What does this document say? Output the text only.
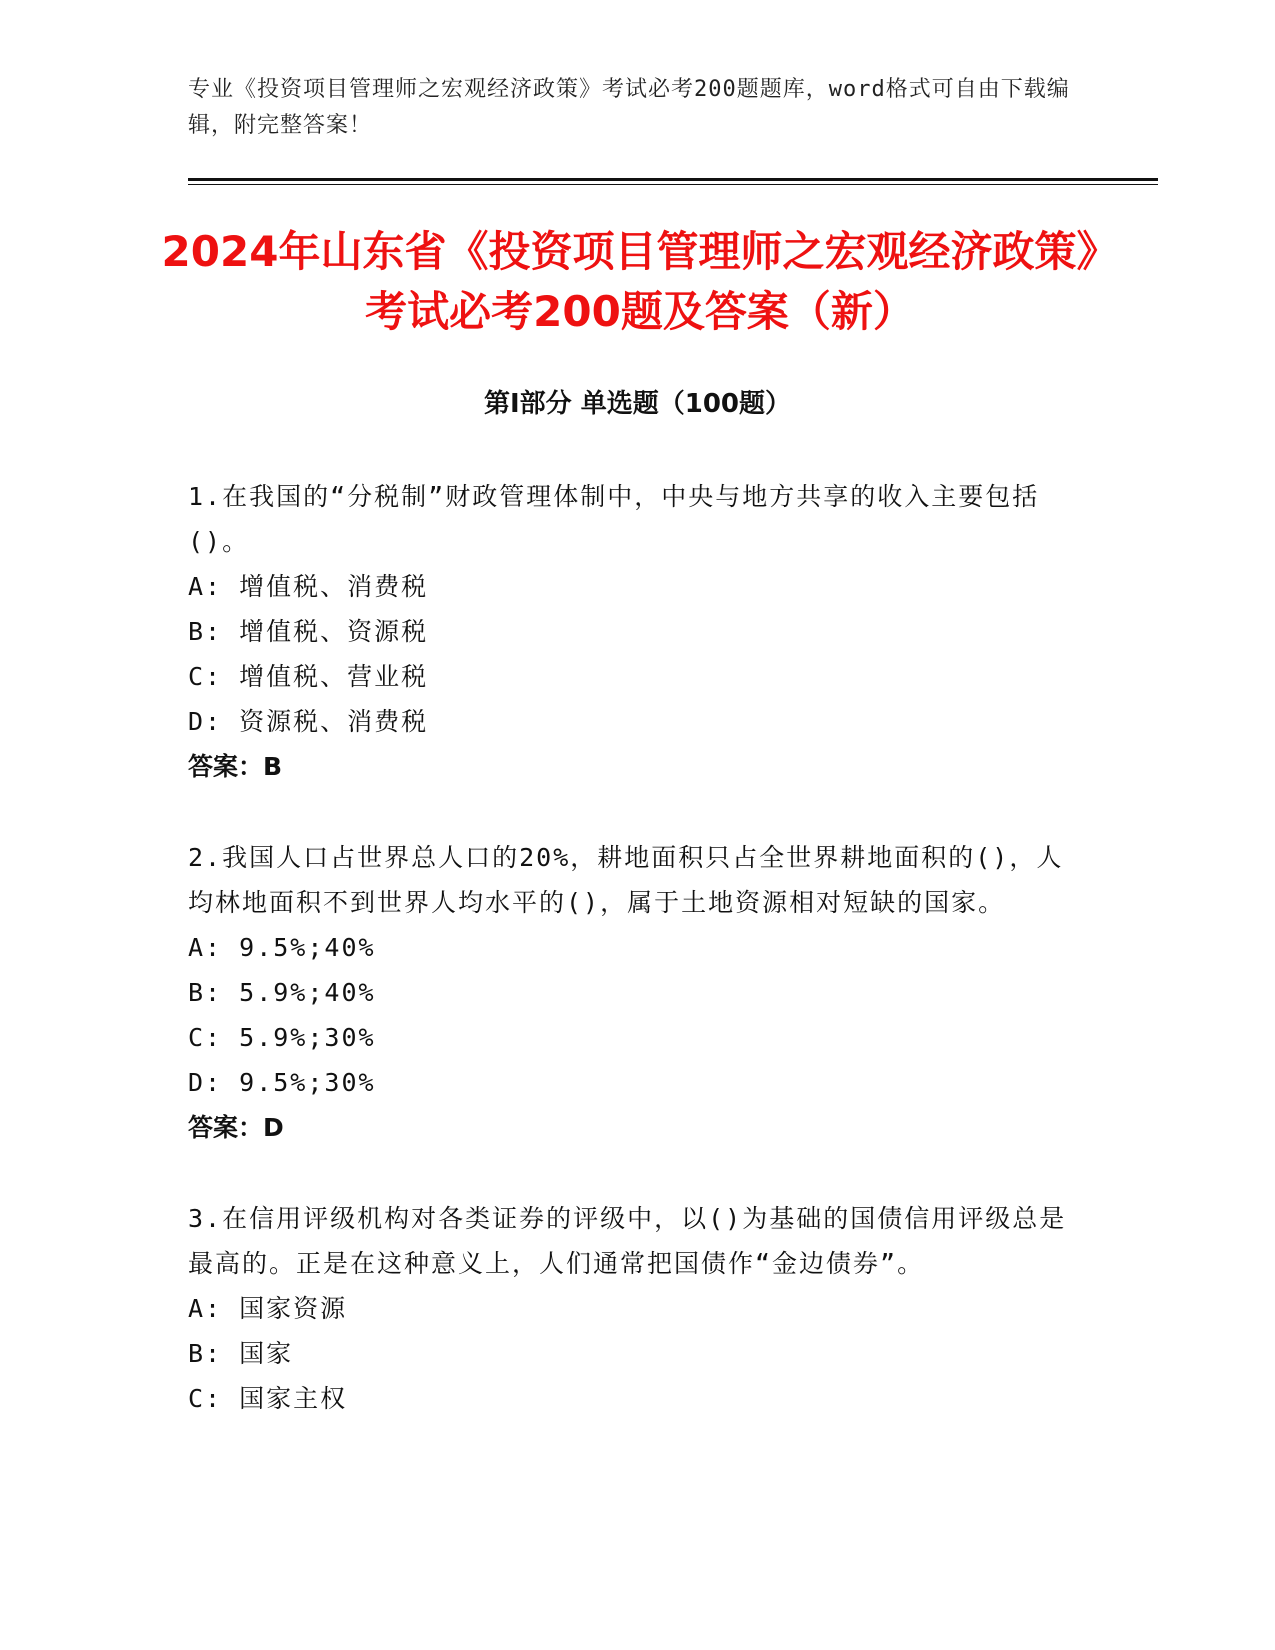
专业《投资项目管理师之宏观经济政策》考试必考200题题库，word格式可自由下载编辑，附完整答案！
2024年山东省《投资项目管理师之宏观经济政策》考试必考200题及答案（新）
第Ⅰ部分 单选题（100题）

1.在我国的“分税制”财政管理体制中，中央与地方共享的收入主要包括()。

A: 增值税、消费税

B: 增值税、资源税

C: 增值税、营业税

D: 资源税、消费税

答案：B

2.我国人口占世界总人口的20%，耕地面积只占全世界耕地面积的()，人均林地面积不到世界人均水平的()，属于土地资源相对短缺的国家。

A: 9.5%;40%

B: 5.9%;40%

C: 5.9%;30%

D: 9.5%;30%

答案：D

3.在信用评级机构对各类证券的评级中，以()为基础的国债信用评级总是最高的。正是在这种意义上，人们通常把国债作“金边债券”。

A: 国家资源

B: 国家

C: 国家主权
